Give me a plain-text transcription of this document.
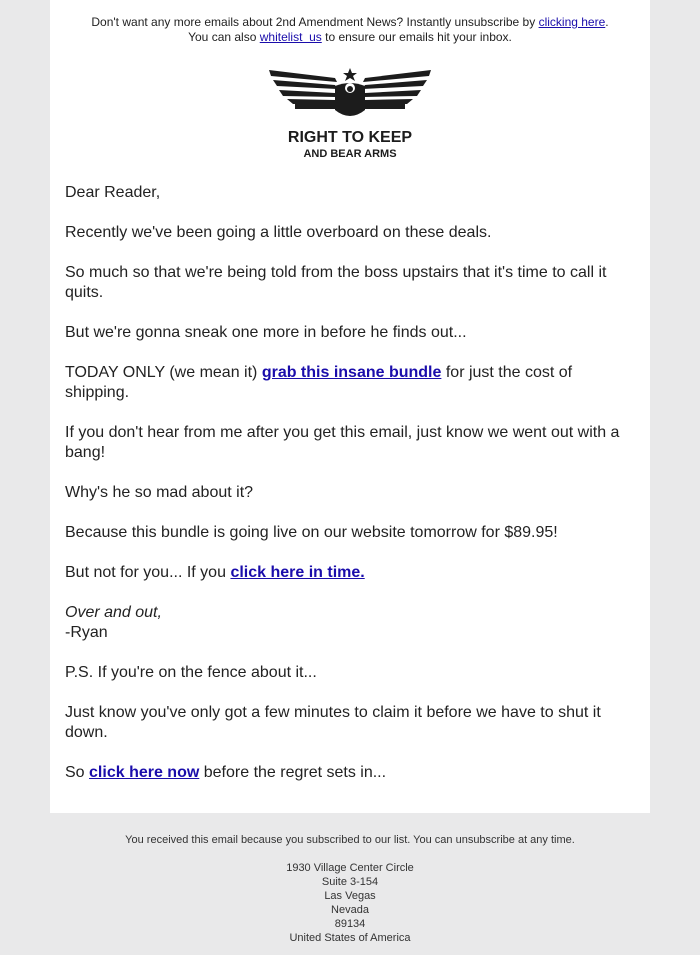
Don't want any more emails about 2nd Amendment News? Instantly unsubscribe by clicking here.
You can also whitelist  us to ensure our emails hit your inbox.

RIGHT TO KEEP
AND BEAR ARMS

Dear Reader,

Recently we've been going a little overboard on these deals.

So much so that we're being told from the boss upstairs that it's time to call it quits.

But we're gonna sneak one more in before he finds out...

TODAY ONLY (we mean it) grab this insane bundle for just the cost of shipping.

If you don't hear from me after you get this email, just know we went out with a bang!

Why's he so mad about it?

Because this bundle is going live on our website tomorrow for $89.95!

But not for you... If you click here in time.

Over and out,
-Ryan

P.S. If you're on the fence about it...

Just know you've only got a few minutes to claim it before we have to shut it down.

So click here now before the regret sets in...

You received this email because you subscribed to our list. You can unsubscribe at any time.

1930 Village Center Circle
Suite 3-154
Las Vegas
Nevada
89134
United States of America
